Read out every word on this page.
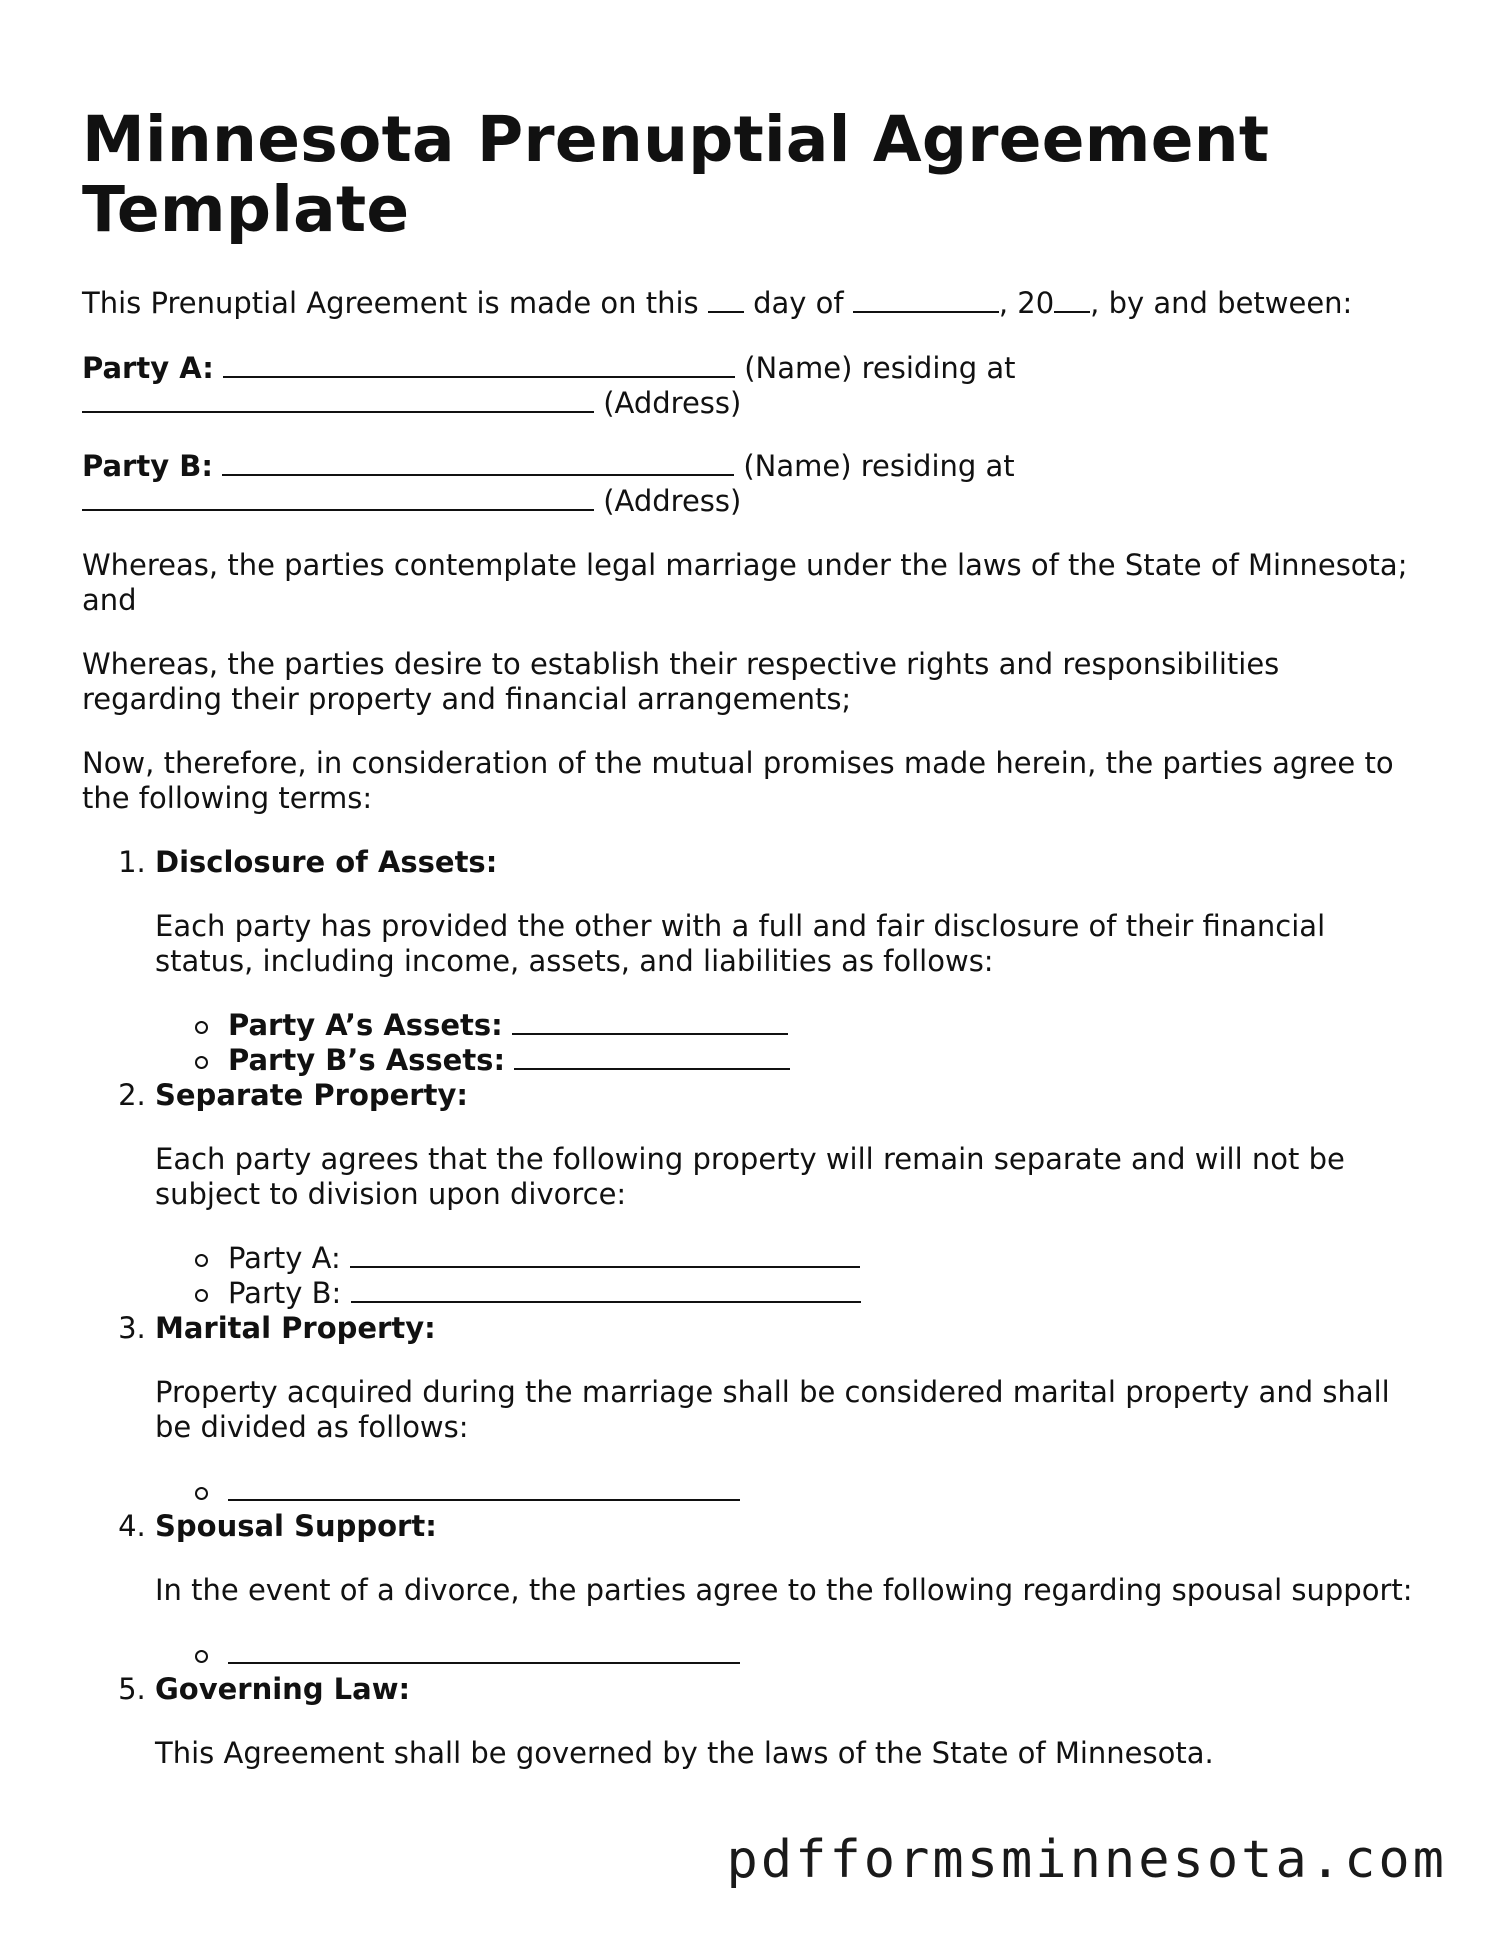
Minnesota Prenuptial Agreement
Template

This Prenuptial Agreement is made on this  day of	, 20 , by and between:

Party A:	(Name) residing at
(Address)

Party B:	(Name) residing at
(Address)

Whereas, the parties contemplate legal marriage under the laws of the State of Minnesota; and

Whereas, the parties desire to establish their respective rights and responsibilities regarding their property and financial arrangements;

Now, therefore, in consideration of the mutual promises made herein, the parties agree to the following terms:

1. Disclosure of Assets:
Each party has provided the other with a full and fair disclosure of their financial status, including income, assets, and liabilities as follows:
Party A’s Assets:
Party B’s Assets:
2. Separate Property:
Each party agrees that the following property will remain separate and will not be subject to division upon divorce:
Party A:
Party B:
3. Marital Property:
Property acquired during the marriage shall be considered marital property and shall be divided as follows:
4. Spousal Support:
In the event of a divorce, the parties agree to the following regarding spousal support:
5. Governing Law:
This Agreement shall be governed by the laws of the State of Minnesota.
pdfformsminnesota.com
